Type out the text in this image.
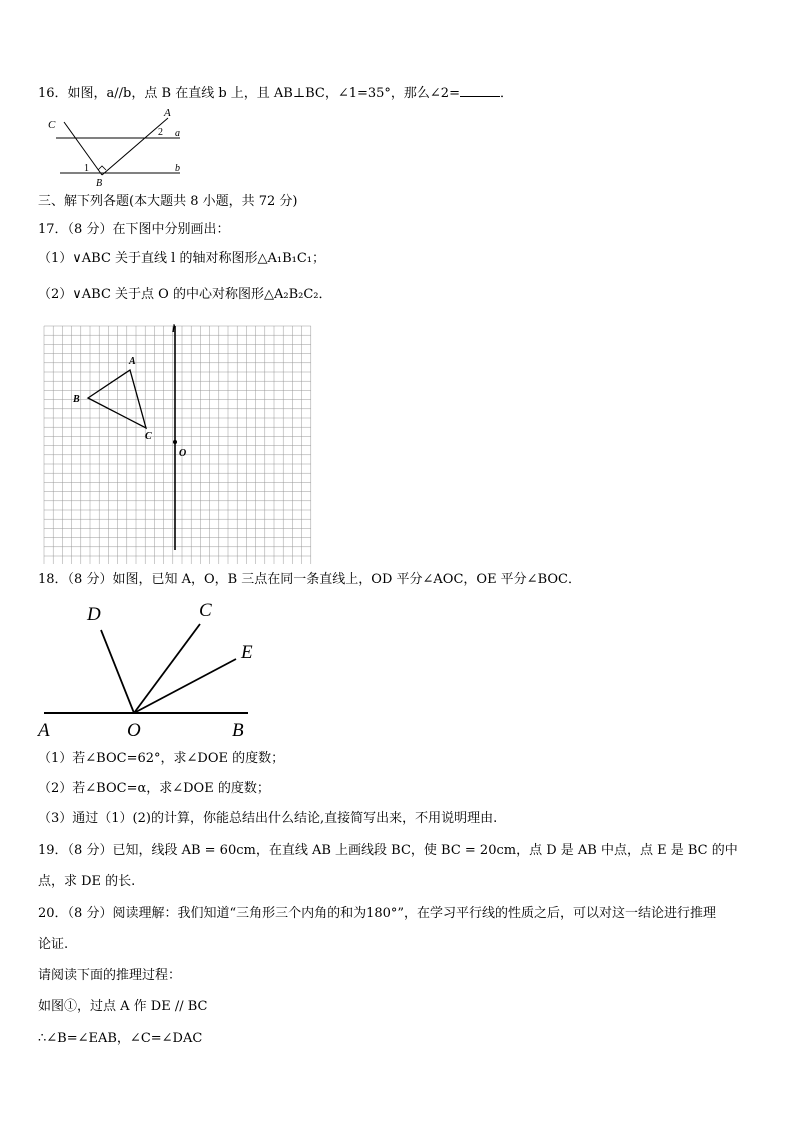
16．如图，a//b，点 B 在直线 b 上，且 AB⊥BC，∠1=35°，那么∠2=	．
C
A
a
b
1
2
B
三、解下列各题(本大题共 8 小题，共 72 分)
17．（8 分）在下图中分别画出：
（1）∨ABC 关于直线 l 的轴对称图形△A₁B₁C₁；
（2）∨ABC 关于点 O 的中心对称图形△A₂B₂C₂．
l
A
B
C
O
18．（8 分）如图，已知 A，O，B 三点在同一条直线上，OD 平分∠AOC，OE 平分∠BOC．
D	C
E
A	O	B
（1）若∠BOC=62°，求∠DOE 的度数；
（2）若∠BOC=α，求∠DOE 的度数；
（3）通过（1）(2)的计算，你能总结出什么结论,直接简写出来，不用说明理由.
19．（8 分）已知，线段 AB = 60cm，在直线 AB 上画线段 BC，使 BC = 20cm，点 D 是 AB 中点，点 E 是 BC 的中
点，求 DE 的长.
20．（8 分）阅读理解：我们知道“三角形三个内角的和为180°”，在学习平行线的性质之后，可以对这一结论进行推理
论证.
请阅读下面的推理过程：
如图①，过点 A 作 DE // BC
∴∠B=∠EAB，∠C=∠DAC
